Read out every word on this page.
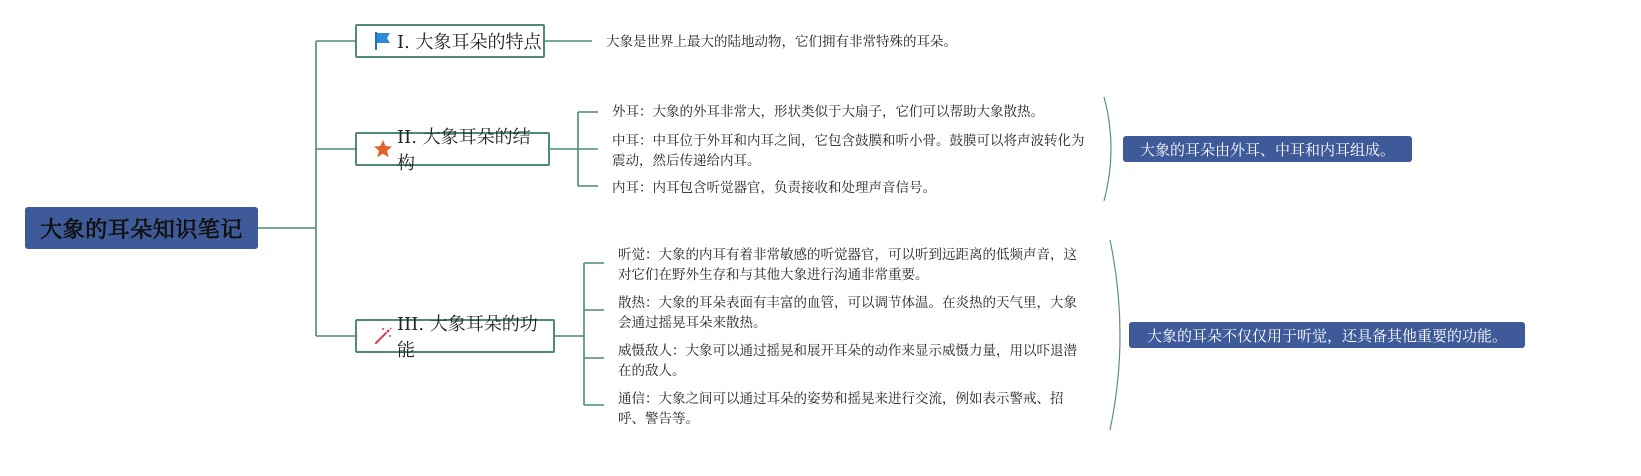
大象的耳朵知识笔记
I. 大象耳朵的特点
II. 大象耳朵的结构
III. 大象耳朵的功能
大象是世界上最大的陆地动物，它们拥有非常特殊的耳朵。
外耳：大象的外耳非常大，形状类似于大扇子，它们可以帮助大象散热。
中耳：中耳位于外耳和内耳之间，它包含鼓膜和听小骨。鼓膜可以将声波转化为震动，然后传递给内耳。
内耳：内耳包含听觉器官，负责接收和处理声音信号。
听觉：大象的内耳有着非常敏感的听觉器官，可以听到远距离的低频声音，这对它们在野外生存和与其他大象进行沟通非常重要。
散热：大象的耳朵表面有丰富的血管，可以调节体温。在炎热的天气里，大象会通过摇晃耳朵来散热。
威慑敌人：大象可以通过摇晃和展开耳朵的动作来显示威慑力量，用以吓退潜在的敌人。
通信：大象之间可以通过耳朵的姿势和摇晃来进行交流，例如表示警戒、招呼、警告等。
大象的耳朵由外耳、中耳和内耳组成。
大象的耳朵不仅仅用于听觉，还具备其他重要的功能。
